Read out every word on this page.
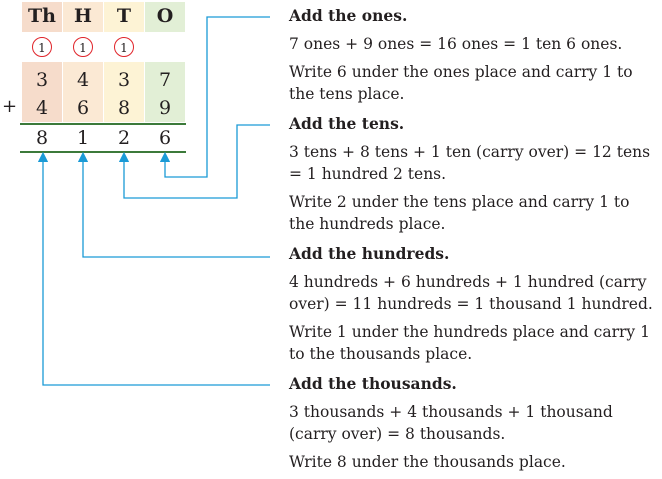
Th H	T	O
1	1	1
3	4	3	7
4	6	8	9
8	1	2	6
+
Add the ones.

7 ones + 9 ones = 16 ones = 1 ten 6 ones.

Write 6 under the ones place and carry 1 to the tens place.

Add the tens.

3 tens + 8 tens + 1 ten (carry over) = 12 tens = 1 hundred 2 tens.

Write 2 under the tens place and carry 1 to the hundreds place.

Add the hundreds.

4 hundreds + 6 hundreds + 1 hundred (carry over) = 11 hundreds = 1 thousand 1 hundred.

Write 1 under the hundreds place and carry 1 to the thousands place.

Add the thousands.

3 thousands + 4 thousands + 1 thousand (carry over) = 8 thousands.

Write 8 under the thousands place.
